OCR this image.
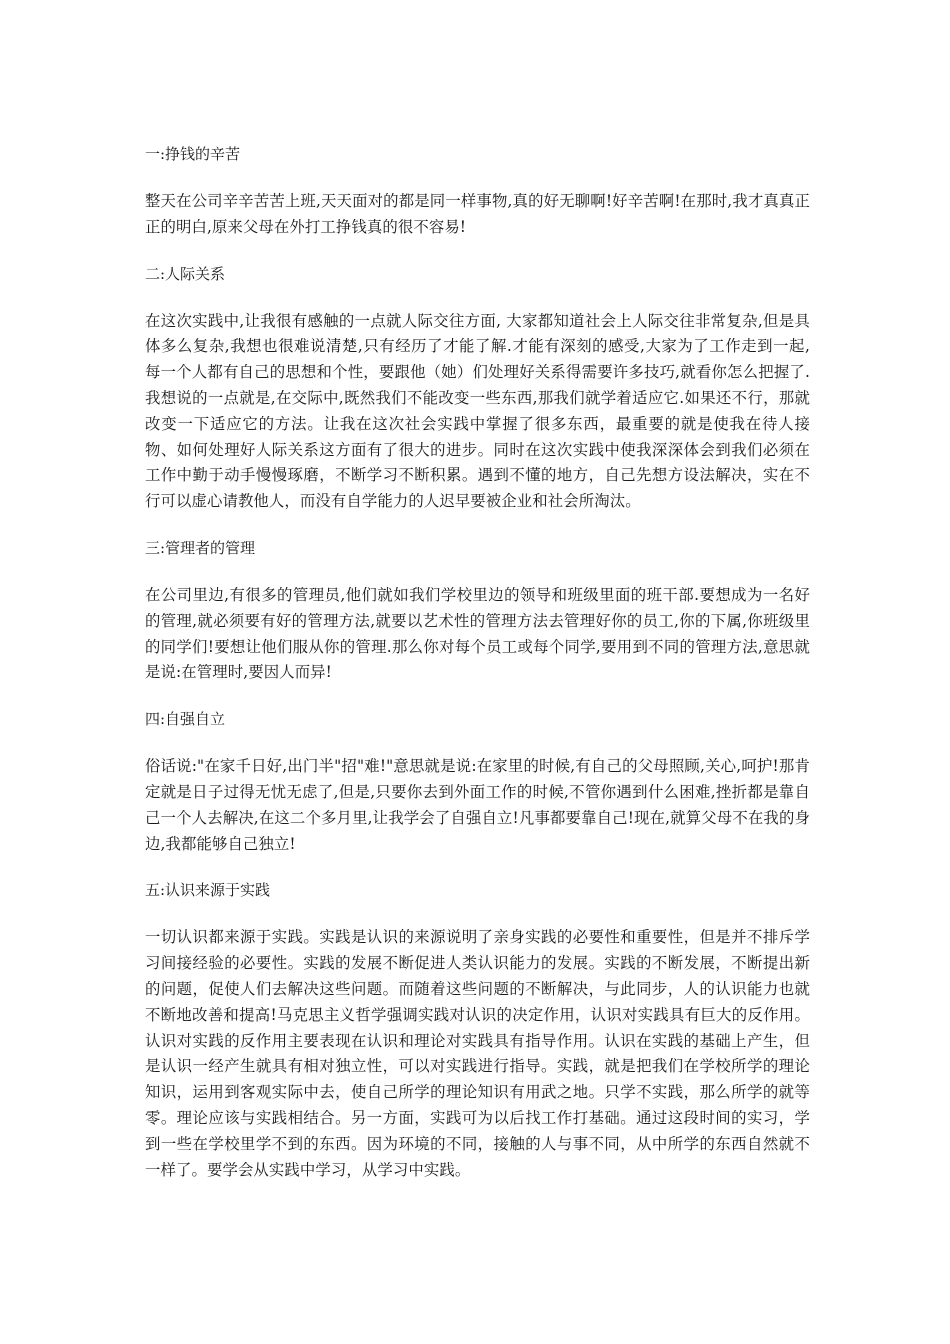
一:挣钱的辛苦

整天在公司辛辛苦苦上班,天天面对的都是同一样事物,真的好无聊啊!好辛苦啊!在那时,我才真真正正的明白,原来父母在外打工挣钱真的很不容易!

二:人际关系

在这次实践中,让我很有感触的一点就人际交往方面, 大家都知道社会上人际交往非常复杂,但是具体多么复杂,我想也很难说清楚,只有经历了才能了解.才能有深刻的感受,大家为了工作走到一起, 每一个人都有自己的思想和个性，要跟他（她）们处理好关系得需要许多技巧,就看你怎么把握了.我想说的一点就是,在交际中,既然我们不能改变一些东西,那我们就学着适应它.如果还不行，那就改变一下适应它的方法。让我在这次社会实践中掌握了很多东西，最重要的就是使我在待人接物、如何处理好人际关系这方面有了很大的进步。同时在这次实践中使我深深体会到我们必须在工作中勤于动手慢慢琢磨，不断学习不断积累。遇到不懂的地方，自己先想方设法解决，实在不行可以虚心请教他人，而没有自学能力的人迟早要被企业和社会所淘汰。

三:管理者的管理

在公司里边,有很多的管理员,他们就如我们学校里边的领导和班级里面的班干部.要想成为一名好的管理,就必须要有好的管理方法,就要以艺术性的管理方法去管理好你的员工,你的下属,你班级里的同学们!要想让他们服从你的管理.那么你对每个员工或每个同学,要用到不同的管理方法,意思就是说:在管理时,要因人而异!

四:自强自立

俗话说:"在家千日好,出门半"招"难!"意思就是说:在家里的时候,有自己的父母照顾,关心,呵护!那肯定就是日子过得无忧无虑了,但是,只要你去到外面工作的时候,不管你遇到什么困难,挫折都是靠自己一个人去解决,在这二个多月里,让我学会了自强自立!凡事都要靠自己!现在,就算父母不在我的身边,我都能够自己独立!

五:认识来源于实践

一切认识都来源于实践。实践是认识的来源说明了亲身实践的必要性和重要性，但是并不排斥学习间接经验的必要性。实践的发展不断促进人类认识能力的发展。实践的不断发展，不断提出新的问题，促使人们去解决这些问题。而随着这些问题的不断解决，与此同步，人的认识能力也就不断地改善和提高!马克思主义哲学强调实践对认识的决定作用，认识对实践具有巨大的反作用。认识对实践的反作用主要表现在认识和理论对实践具有指导作用。认识在实践的基础上产生，但是认识一经产生就具有相对独立性，可以对实践进行指导。实践，就是把我们在学校所学的理论知识，运用到客观实际中去，使自己所学的理论知识有用武之地。只学不实践，那么所学的就等零。理论应该与实践相结合。另一方面，实践可为以后找工作打基础。通过这段时间的实习，学到一些在学校里学不到的东西。因为环境的不同，接触的人与事不同，从中所学的东西自然就不一样了。要学会从实践中学习，从学习中实践。
